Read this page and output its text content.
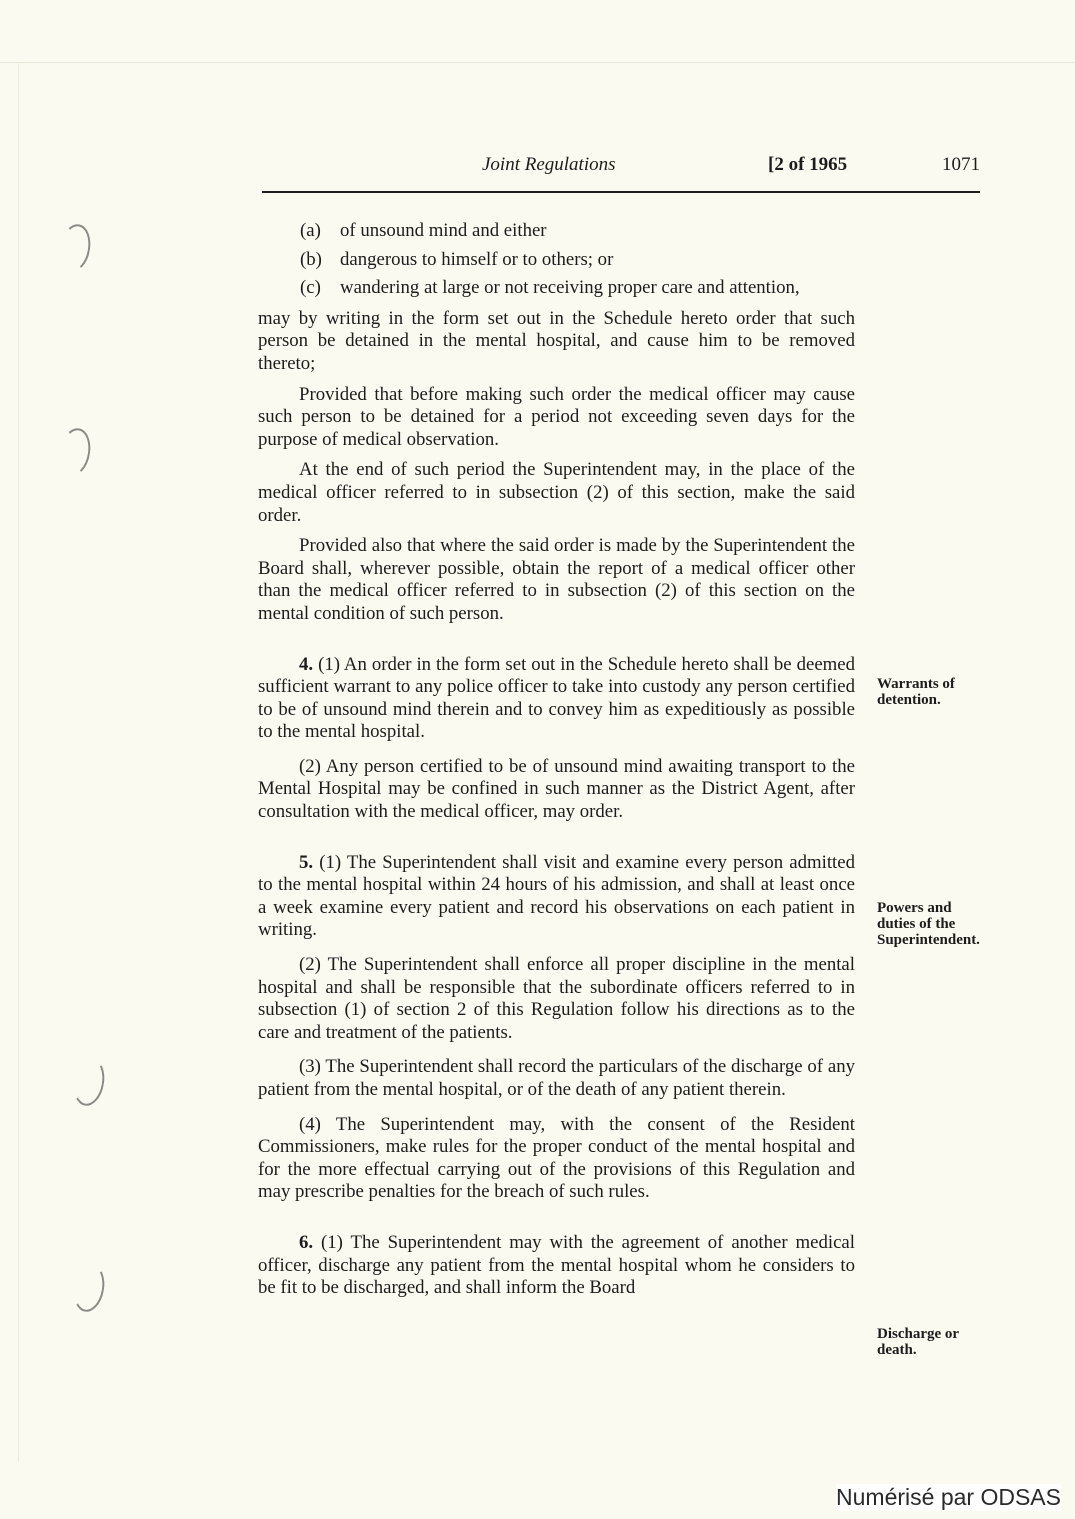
Joint Regulations	[2 of 1965	1071
(a)	of unsound mind and either
(b) dangerous to himself or to others; or
(c)	wandering at large or not receiving proper care and attention,

may by writing in the form set out in the Schedule hereto order that such person be detained in the mental hospital, and cause him to be removed thereto;

Provided that before making such order the medical officer may cause such person to be detained for a period not exceeding seven days for the purpose of medical observation.

At the end of such period the Superintendent may, in the place of the medical officer referred to in subsection (2) of this section, make the said order.

Provided also that where the said order is made by the Superintendent the Board shall, wherever possible, obtain the report of a medical officer other than the medical officer referred to in subsection (2) of this section on the mental condition of such person.

4. (1) An order in the form set out in the Schedule hereto shall be deemed sufficient warrant to any police officer to take into custody any person certified to be of unsound mind therein and to convey him as expeditiously as possible to the mental hospital.

(2) Any person certified to be of unsound mind awaiting transport to the Mental Hospital may be confined in such manner as the District Agent, after consultation with the medical officer, may order.

5. (1) The Superintendent shall visit and examine every person admitted to the mental hospital within 24 hours of his admission, and shall at least once a week examine every patient and record his observations on each patient in writing.

(2) The Superintendent shall enforce all proper discipline in the mental hospital and shall be responsible that the subordinate officers referred to in subsection (1) of section 2 of this Regulation follow his directions as to the care and treatment of the patients.

(3) The Superintendent shall record the particulars of the discharge of any patient from the mental hospital, or of the death of any patient therein.

(4) The Superintendent may, with the consent of the Resident Commissioners, make rules for the proper conduct of the mental hospital and for the more effectual carrying out of the provisions of this Regulation and may prescribe penalties for the breach of such rules.

6. (1) The Superintendent may with the agreement of another medical officer, discharge any patient from the mental hospital whom he considers to be fit to be discharged, and shall inform the Board

Warrants of detention.
Powers and duties of the Superintendent.
Discharge or death.
Numérisé par ODSAS
